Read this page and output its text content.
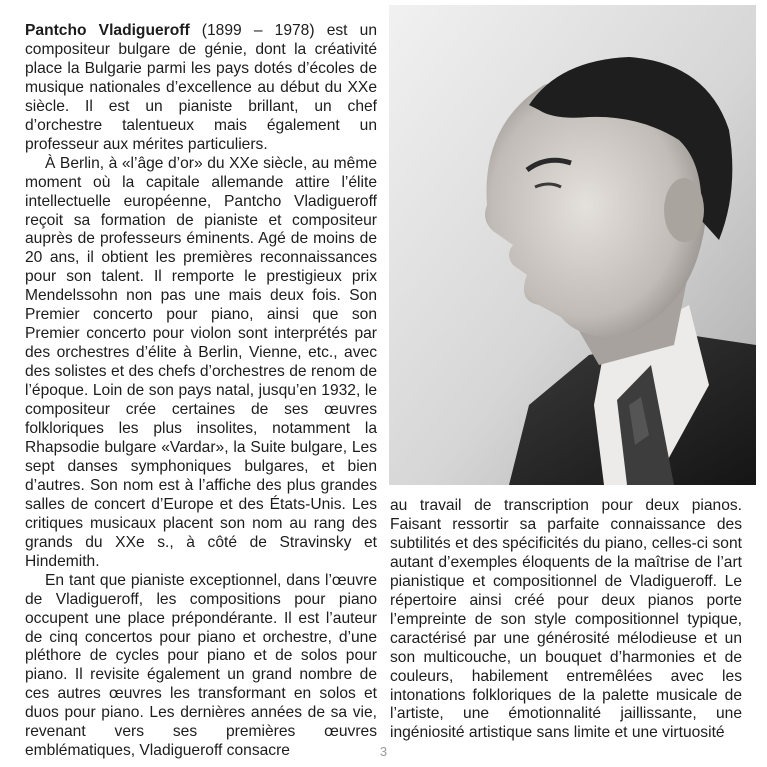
Pantcho Vladigueroff (1899 – 1978) est un compositeur bulgare de génie, dont la créativité place la Bulgarie parmi les pays dotés d’écoles de musique nationales d’excellence au début du XXe siècle. Il est un pianiste brillant, un chef d’orchestre talentueux mais également un professeur aux mérites particuliers.

À Berlin, à «l’âge d’or» du XXe siècle, au même moment où la capitale allemande attire l’élite intellectuelle européenne, Pantcho Vladigueroff reçoit sa formation de pianiste et compositeur auprès de professeurs éminents. Agé de moins de 20 ans, il obtient les premières reconnaissances pour son talent. Il remporte le prestigieux prix Mendelssohn non pas une mais deux fois. Son Premier concerto pour piano, ainsi que son Premier concerto pour violon sont interprétés par des orchestres d’élite à Berlin, Vienne, etc., avec des solistes et des chefs d’orchestres de renom de l’époque. Loin de son pays natal, jusqu’en 1932, le compositeur crée certaines de ses œuvres folkloriques les plus insolites, notamment la Rhapsodie bulgare «Vardar», la Suite bulgare, Les sept danses symphoniques bulgares, et bien d’autres. Son nom est à l’affiche des plus grandes salles de concert d’Europe et des États-Unis. Les critiques musicaux placent son nom au rang des grands du XXe s., à côté de Stravinsky et Hindemith.

En tant que pianiste exceptionnel, dans l’œuvre de Vladigueroff, les compositions pour piano occupent une place prépondérante. Il est l’auteur de cinq concertos pour piano et orchestre, d’une pléthore de cycles pour piano et de solos pour piano. Il revisite également un grand nombre de ces autres œuvres les transformant en solos et duos pour piano. Les dernières années de sa vie, revenant vers ses premières œuvres emblématiques, Vladigueroff consacre

au travail de transcription pour deux pianos. Faisant ressortir sa parfaite connaissance des subtilités et des spécificités du piano, celles-ci sont autant d’exemples éloquents de la maîtrise de l’art pianistique et compositionnel de Vladigueroff. Le répertoire ainsi créé pour deux pianos porte l’empreinte de son style compositionnel typique, caractérisé par une générosité mélodieuse et un son multicouche, un bouquet d’harmonies et de couleurs, habilement entremêlées avec les intonations folkloriques de la palette musicale de l’artiste, une émotionnalité jaillissante, une ingéniosité artistique sans limite et une virtuosité

3
